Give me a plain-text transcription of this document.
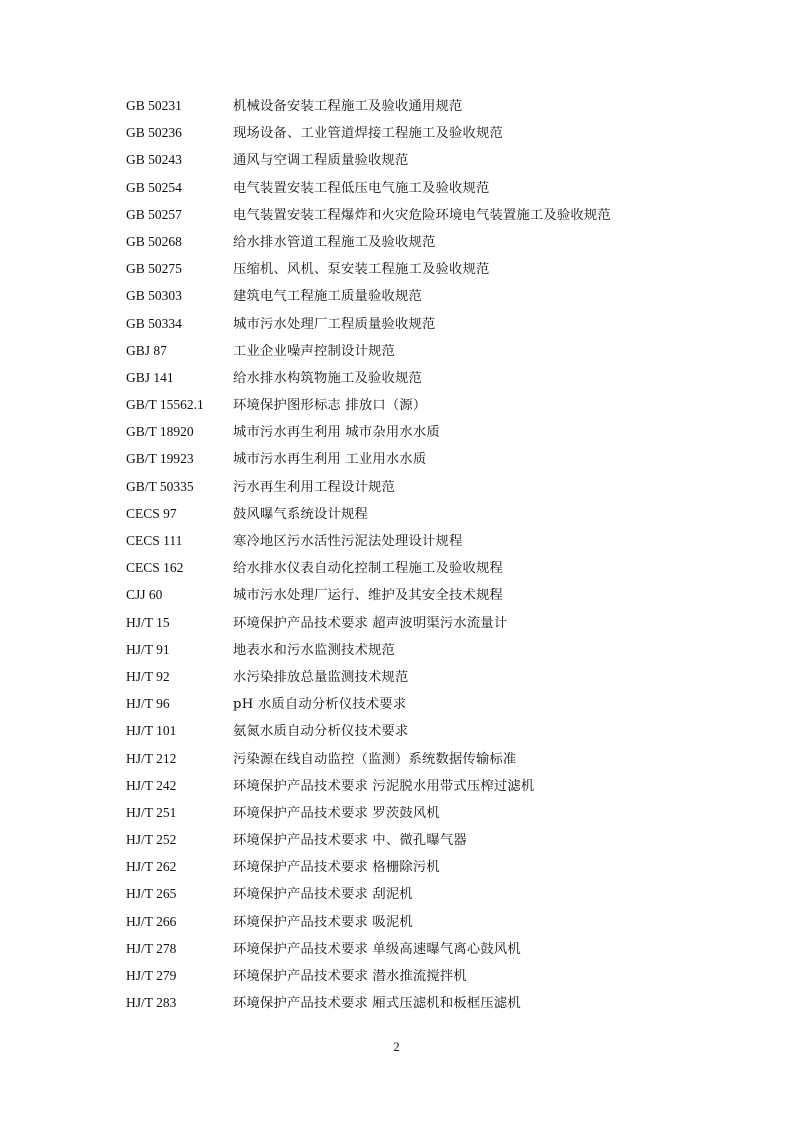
GB 50231	机械设备安装工程施工及验收通用规范
GB 50236	现场设备、工业管道焊接工程施工及验收规范
GB 50243	通风与空调工程质量验收规范
GB 50254	电气装置安装工程低压电气施工及验收规范
GB 50257	电气装置安装工程爆炸和火灾危险环境电气装置施工及验收规范
GB 50268	给水排水管道工程施工及验收规范
GB 50275	压缩机、风机、泵安装工程施工及验收规范
GB 50303	建筑电气工程施工质量验收规范
GB 50334	城市污水处理厂工程质量验收规范
GBJ 87	工业企业噪声控制设计规范
GBJ 141	给水排水构筑物施工及验收规范
GB/T 15562.1	环境保护图形标志 排放口（源）
GB/T 18920	城市污水再生利用 城市杂用水水质
GB/T 19923	城市污水再生利用 工业用水水质
GB/T 50335	污水再生利用工程设计规范
CECS 97	鼓风曝气系统设计规程
CECS 111	寒冷地区污水活性污泥法处理设计规程
CECS 162	给水排水仪表自动化控制工程施工及验收规程
CJJ 60	城市污水处理厂运行、维护及其安全技术规程
HJ/T 15	环境保护产品技术要求 超声波明渠污水流量计
HJ/T 91	地表水和污水监测技术规范
HJ/T 92	水污染排放总量监测技术规范
HJ/T 96	pH 水质自动分析仪技术要求
HJ/T 101	氨氮水质自动分析仪技术要求
HJ/T 212	污染源在线自动监控（监测）系统数据传输标准
HJ/T 242	环境保护产品技术要求 污泥脱水用带式压榨过滤机
HJ/T 251	环境保护产品技术要求 罗茨鼓风机
HJ/T 252	环境保护产品技术要求 中、微孔曝气器
HJ/T 262	环境保护产品技术要求 格栅除污机
HJ/T 265	环境保护产品技术要求 刮泥机
HJ/T 266	环境保护产品技术要求 吸泥机
HJ/T 278	环境保护产品技术要求 单级高速曝气离心鼓风机
HJ/T 279	环境保护产品技术要求 潜水推流搅拌机
HJ/T 283	环境保护产品技术要求 厢式压滤机和板框压滤机
2
